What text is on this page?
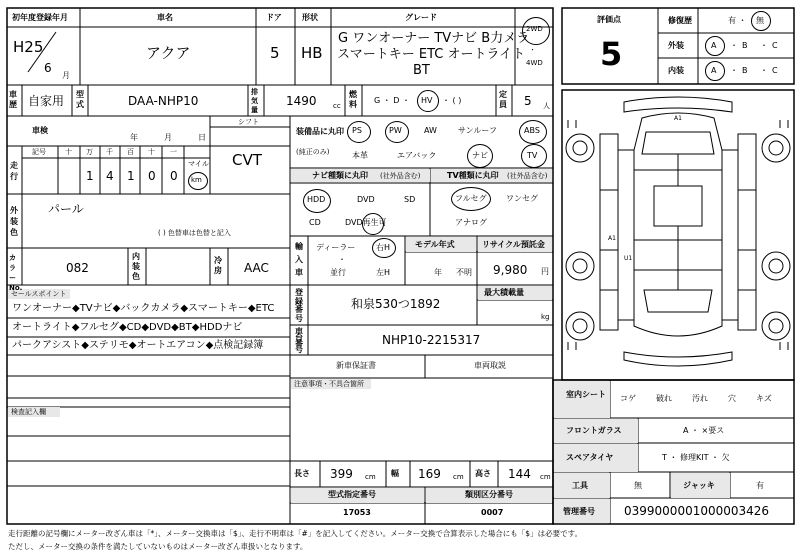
初年度登録年月
H25
6
月
車名
アクア
ドア
5
形状
HB
グレード
G ワンオーナー TVナビ B力メラ
スマートキー ETC オートライト
BT
2WD
・
4WD
評価点
5
修復歴	有 ・ 無
外装	A ・ B ・ C
内装	A ・ B ・ C
車歴 自家用 型式	DAA-NHP10
排気量
1490 cc
燃料 G ・ D ・ HV ・ ( )
定員 5 人
車検
年	月	日
シフト
CVT
走行
記号	十 万 千 百 十 一
1 4 1 0 0
マイル
km
装備品に丸印
(純正のみ)
PS	PW	AW	サンルーフ	ABS
本革	エアバック	ナビ	TV
ナビ種類に丸印 (社外品含む)
HDD	DVD	SD
CD	DVD再生可
TV種類に丸印 (社外品含む)
フルセグ ワンセグ
アナログ
外装色
パール
( ) 色替車は色替と記入
カラーNo.
082
内装色
冷房 AAC
輸入車
ディーラー
・
並行
右H
左H
モデル年式
年 不明
リサイクル預託金
9,980 円
登録番号
和泉530つ1892
最大積載量
kg
車台番号
NHP10-2215317
新車保証書	車両取説
注意事項・不具合箇所
セールスポイント
ワンオーナー◆TVナビ◆バックカメラ◆スマートキー◆ETC
オートライト◆フルセグ◆CD◆DVD◆BT◆HDDナビ
パークアシスト◆ステリモ◆オートエアコン◆点検記録簿
検査記入欄
長さ 399 cm 幅 169 cm 高さ 144 cm
型式指定番号
17053
類別区分番号
0007
室内シート コゲ	破れ	汚れ	穴	キズ
フロントガラス	A ・ ×要ス
スペアタイヤ	T ・ 修理KIT ・ 欠
工具	無	ジャッキ	有
管理番号 0399000001000003426
走行距離の記号欄にメーター改ざん車は「*」、メーター交換車は「$」、走行不明車は「#」を記入してください。メーター交換で合算表示した場合にも「$」は必要です。
ただし、メーター交換の条件を満たしていないものはメーター改ざん車扱いとなります。
A1
A1
U1
